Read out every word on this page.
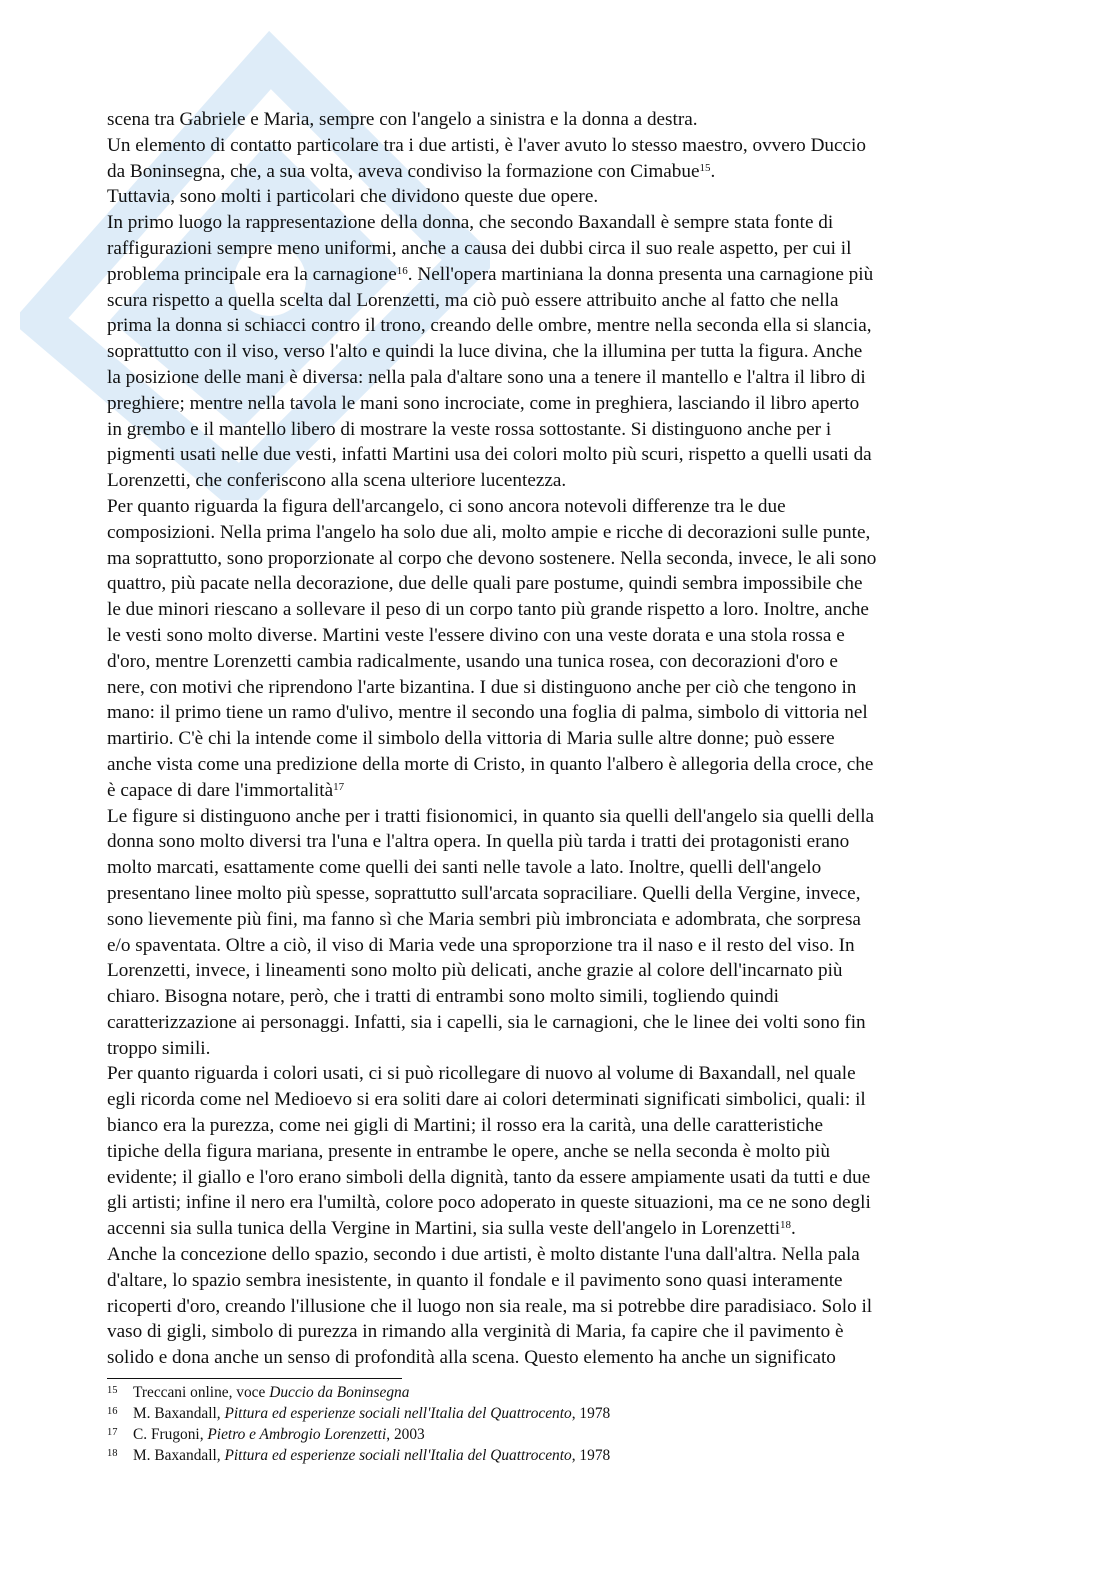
scena tra Gabriele e Maria, sempre con l'angelo a sinistra e la donna a destra.
Un elemento di contatto particolare tra i due artisti, è l'aver avuto lo stesso maestro, ovvero Duccio
da Boninsegna, che, a sua volta, aveva condiviso la formazione con Cimabue$^{15}$.
Tuttavia, sono molti i particolari che dividono queste due opere.
In primo luogo la rappresentazione della donna, che secondo Baxandall è sempre stata fonte di
raffigurazioni sempre meno uniformi, anche a causa dei dubbi circa il suo reale aspetto, per cui il
problema principale era la carnagione$^{16}$. Nell'opera martiniana la donna presenta una carnagione più
scura rispetto a quella scelta dal Lorenzetti, ma ciò può essere attribuito anche al fatto che nella
prima la donna si schiacci contro il trono, creando delle ombre, mentre nella seconda ella si slancia,
soprattutto con il viso, verso l'alto e quindi la luce divina, che la illumina per tutta la figura. Anche
la posizione delle mani è diversa: nella pala d'altare sono una a tenere il mantello e l'altra il libro di
preghiere; mentre nella tavola le mani sono incrociate, come in preghiera, lasciando il libro aperto
in grembo e il mantello libero di mostrare la veste rossa sottostante. Si distinguono anche per i
pigmenti usati nelle due vesti, infatti Martini usa dei colori molto più scuri, rispetto a quelli usati da
Lorenzetti, che conferiscono alla scena ulteriore lucentezza.
Per quanto riguarda la figura dell'arcangelo, ci sono ancora notevoli differenze tra le due
composizioni. Nella prima l'angelo ha solo due ali, molto ampie e ricche di decorazioni sulle punte,
ma soprattutto, sono proporzionate al corpo che devono sostenere. Nella seconda, invece, le ali sono
quattro, più pacate nella decorazione, due delle quali pare postume, quindi sembra impossibile che
le due minori riescano a sollevare il peso di un corpo tanto più grande rispetto a loro. Inoltre, anche
le vesti sono molto diverse. Martini veste l'essere divino con una veste dorata e una stola rossa e
d'oro, mentre Lorenzetti cambia radicalmente, usando una tunica rosea, con decorazioni d'oro e
nere, con motivi che riprendono l'arte bizantina. I due si distinguono anche per ciò che tengono in
mano: il primo tiene un ramo d'ulivo, mentre il secondo una foglia di palma, simbolo di vittoria nel
martirio. C'è chi la intende come il simbolo della vittoria di Maria sulle altre donne; può essere
anche vista come una predizione della morte di Cristo, in quanto l'albero è allegoria della croce, che
è capace di dare l'immortalità$^{17}$
Le figure si distinguono anche per i tratti fisionomici, in quanto sia quelli dell'angelo sia quelli della
donna sono molto diversi tra l'una e l'altra opera. In quella più tarda i tratti dei protagonisti erano
molto marcati, esattamente come quelli dei santi nelle tavole a lato. Inoltre, quelli dell'angelo
presentano linee molto più spesse, soprattutto sull'arcata sopraciliare. Quelli della Vergine, invece,
sono lievemente più fini, ma fanno sì che Maria sembri più imbronciata e adombrata, che sorpresa
e/o spaventata. Oltre a ciò, il viso di Maria vede una sproporzione tra il naso e il resto del viso. In
Lorenzetti, invece, i lineamenti sono molto più delicati, anche grazie al colore dell'incarnato più
chiaro. Bisogna notare, però, che i tratti di entrambi sono molto simili, togliendo quindi
caratterizzazione ai personaggi. Infatti, sia i capelli, sia le carnagioni, che le linee dei volti sono fin
troppo simili.
Per quanto riguarda i colori usati, ci si può ricollegare di nuovo al volume di Baxandall, nel quale
egli ricorda come nel Medioevo si era soliti dare ai colori determinati significati simbolici, quali: il
bianco era la purezza, come nei gigli di Martini; il rosso era la carità, una delle caratteristiche
tipiche della figura mariana, presente in entrambe le opere, anche se nella seconda è molto più
evidente; il giallo e l'oro erano simboli della dignità, tanto da essere ampiamente usati da tutti e due
gli artisti; infine il nero era l'umiltà, colore poco adoperato in queste situazioni, ma ce ne sono degli
accenni sia sulla tunica della Vergine in Martini, sia sulla veste dell'angelo in Lorenzetti$^{18}$.
Anche la concezione dello spazio, secondo i due artisti, è molto distante l'una dall'altra. Nella pala
d'altare, lo spazio sembra inesistente, in quanto il fondale e il pavimento sono quasi interamente
ricoperti d'oro, creando l'illusione che il luogo non sia reale, ma si potrebbe dire paradisiaco. Solo il
vaso di gigli, simbolo di purezza in rimando alla verginità di Maria, fa capire che il pavimento è
solido e dona anche un senso di profondità alla scena. Questo elemento ha anche un significato
15 Treccani online, voce Duccio da Boninsegna
16 M. Baxandall, Pittura ed esperienze sociali nell'Italia del Quattrocento, 1978
17 C. Frugoni, Pietro e Ambrogio Lorenzetti, 2003
18 M. Baxandall, Pittura ed esperienze sociali nell'Italia del Quattrocento, 1978
